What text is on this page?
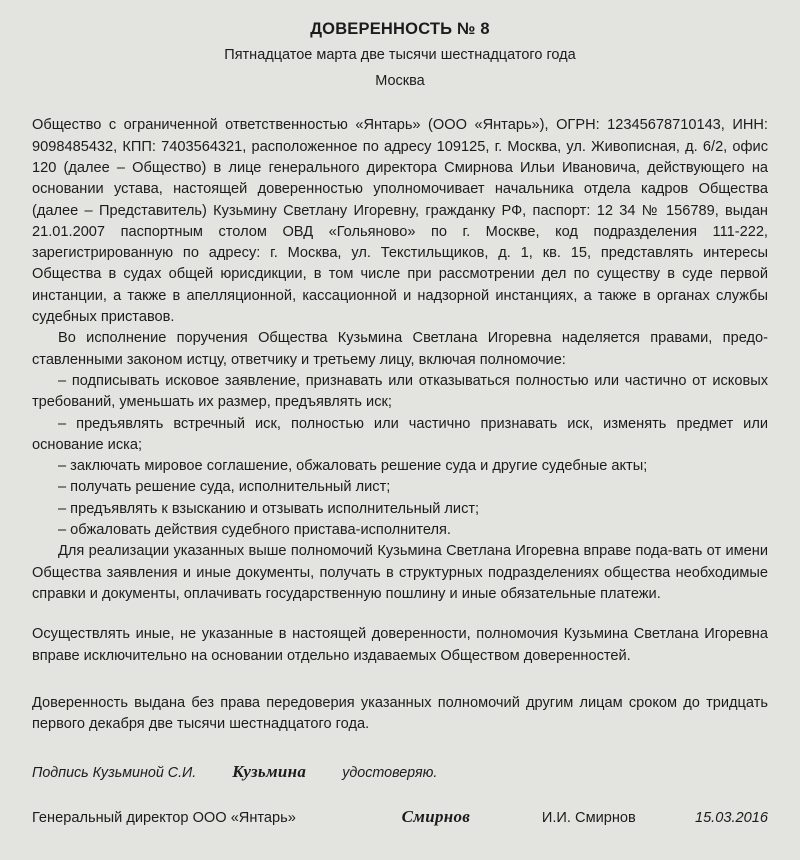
ДОВЕРЕННОСТЬ № 8
Пятнадцатое марта две тысячи шестнадцатого года
Москва

Общество с ограниченной ответственностью «Янтарь» (ООО «Янтарь»), ОГРН: 12345678710143, ИНН: 9098485432, КПП: 7403564321, расположенное по адресу 109125, г. Москва, ул. Живописная, д. 6/2, офис 120 (далее – Общество) в лице генерального директора Смирнова Ильи Ивановича, действующего на основании устава, настоящей доверенностью уполномочивает начальника отдела кадров Общества (далее – Представитель) Кузьмину Светлану Игоревну, гражданку РФ, паспорт: 12 34 № 156789, выдан 21.01.2007 паспортным столом ОВД «Гольяново» по г. Москве, код подразделения 111-222, зарегистрированную по адресу: г. Москва, ул. Текстильщиков, д. 1, кв. 15, представлять интересы Общества в судах общей юрисдикции, в том числе при рассмотрении дел по существу в суде первой инстанции, а также в апелляционной, кассационной и надзорной инстанциях, а также в органах службы судебных приставов.

Во исполнение поручения Общества Кузьмина Светлана Игоревна наделяется правами, предо-ставленными законом истцу, ответчику и третьему лицу, включая полномочие:

– подписывать исковое заявление, признавать или отказываться полностью или частично от исковых требований, уменьшать их размер, предъявлять иск;
– предъявлять встречный иск, полностью или частично признавать иск, изменять предмет или основание иска;
– заключать мировое соглашение, обжаловать решение суда и другие судебные акты;
– получать решение суда, исполнительный лист;
– предъявлять к взысканию и отзывать исполнительный лист;
– обжаловать действия судебного пристава-исполнителя.

Для реализации указанных выше полномочий Кузьмина Светлана Игоревна вправе пода-вать от имени Общества заявления и иные документы, получать в структурных подразделениях общества необходимые справки и документы, оплачивать государственную пошлину и иные обязательные платежи.

Осуществлять иные, не указанные в настоящей доверенности, полномочия Кузьмина Светлана Игоревна вправе исключительно на основании отдельно издаваемых Обществом доверенностей.

Доверенность выдана без права передоверия указанных полномочий другим лицам сроком до тридцать первого декабря две тысячи шестнадцатого года.

Подпись Кузьминой С.И. Кузьмина	удостоверяю.
Генеральный директор ООО «Янтарь»	Смирнов	И.И. Смирнов	15.03.2016
